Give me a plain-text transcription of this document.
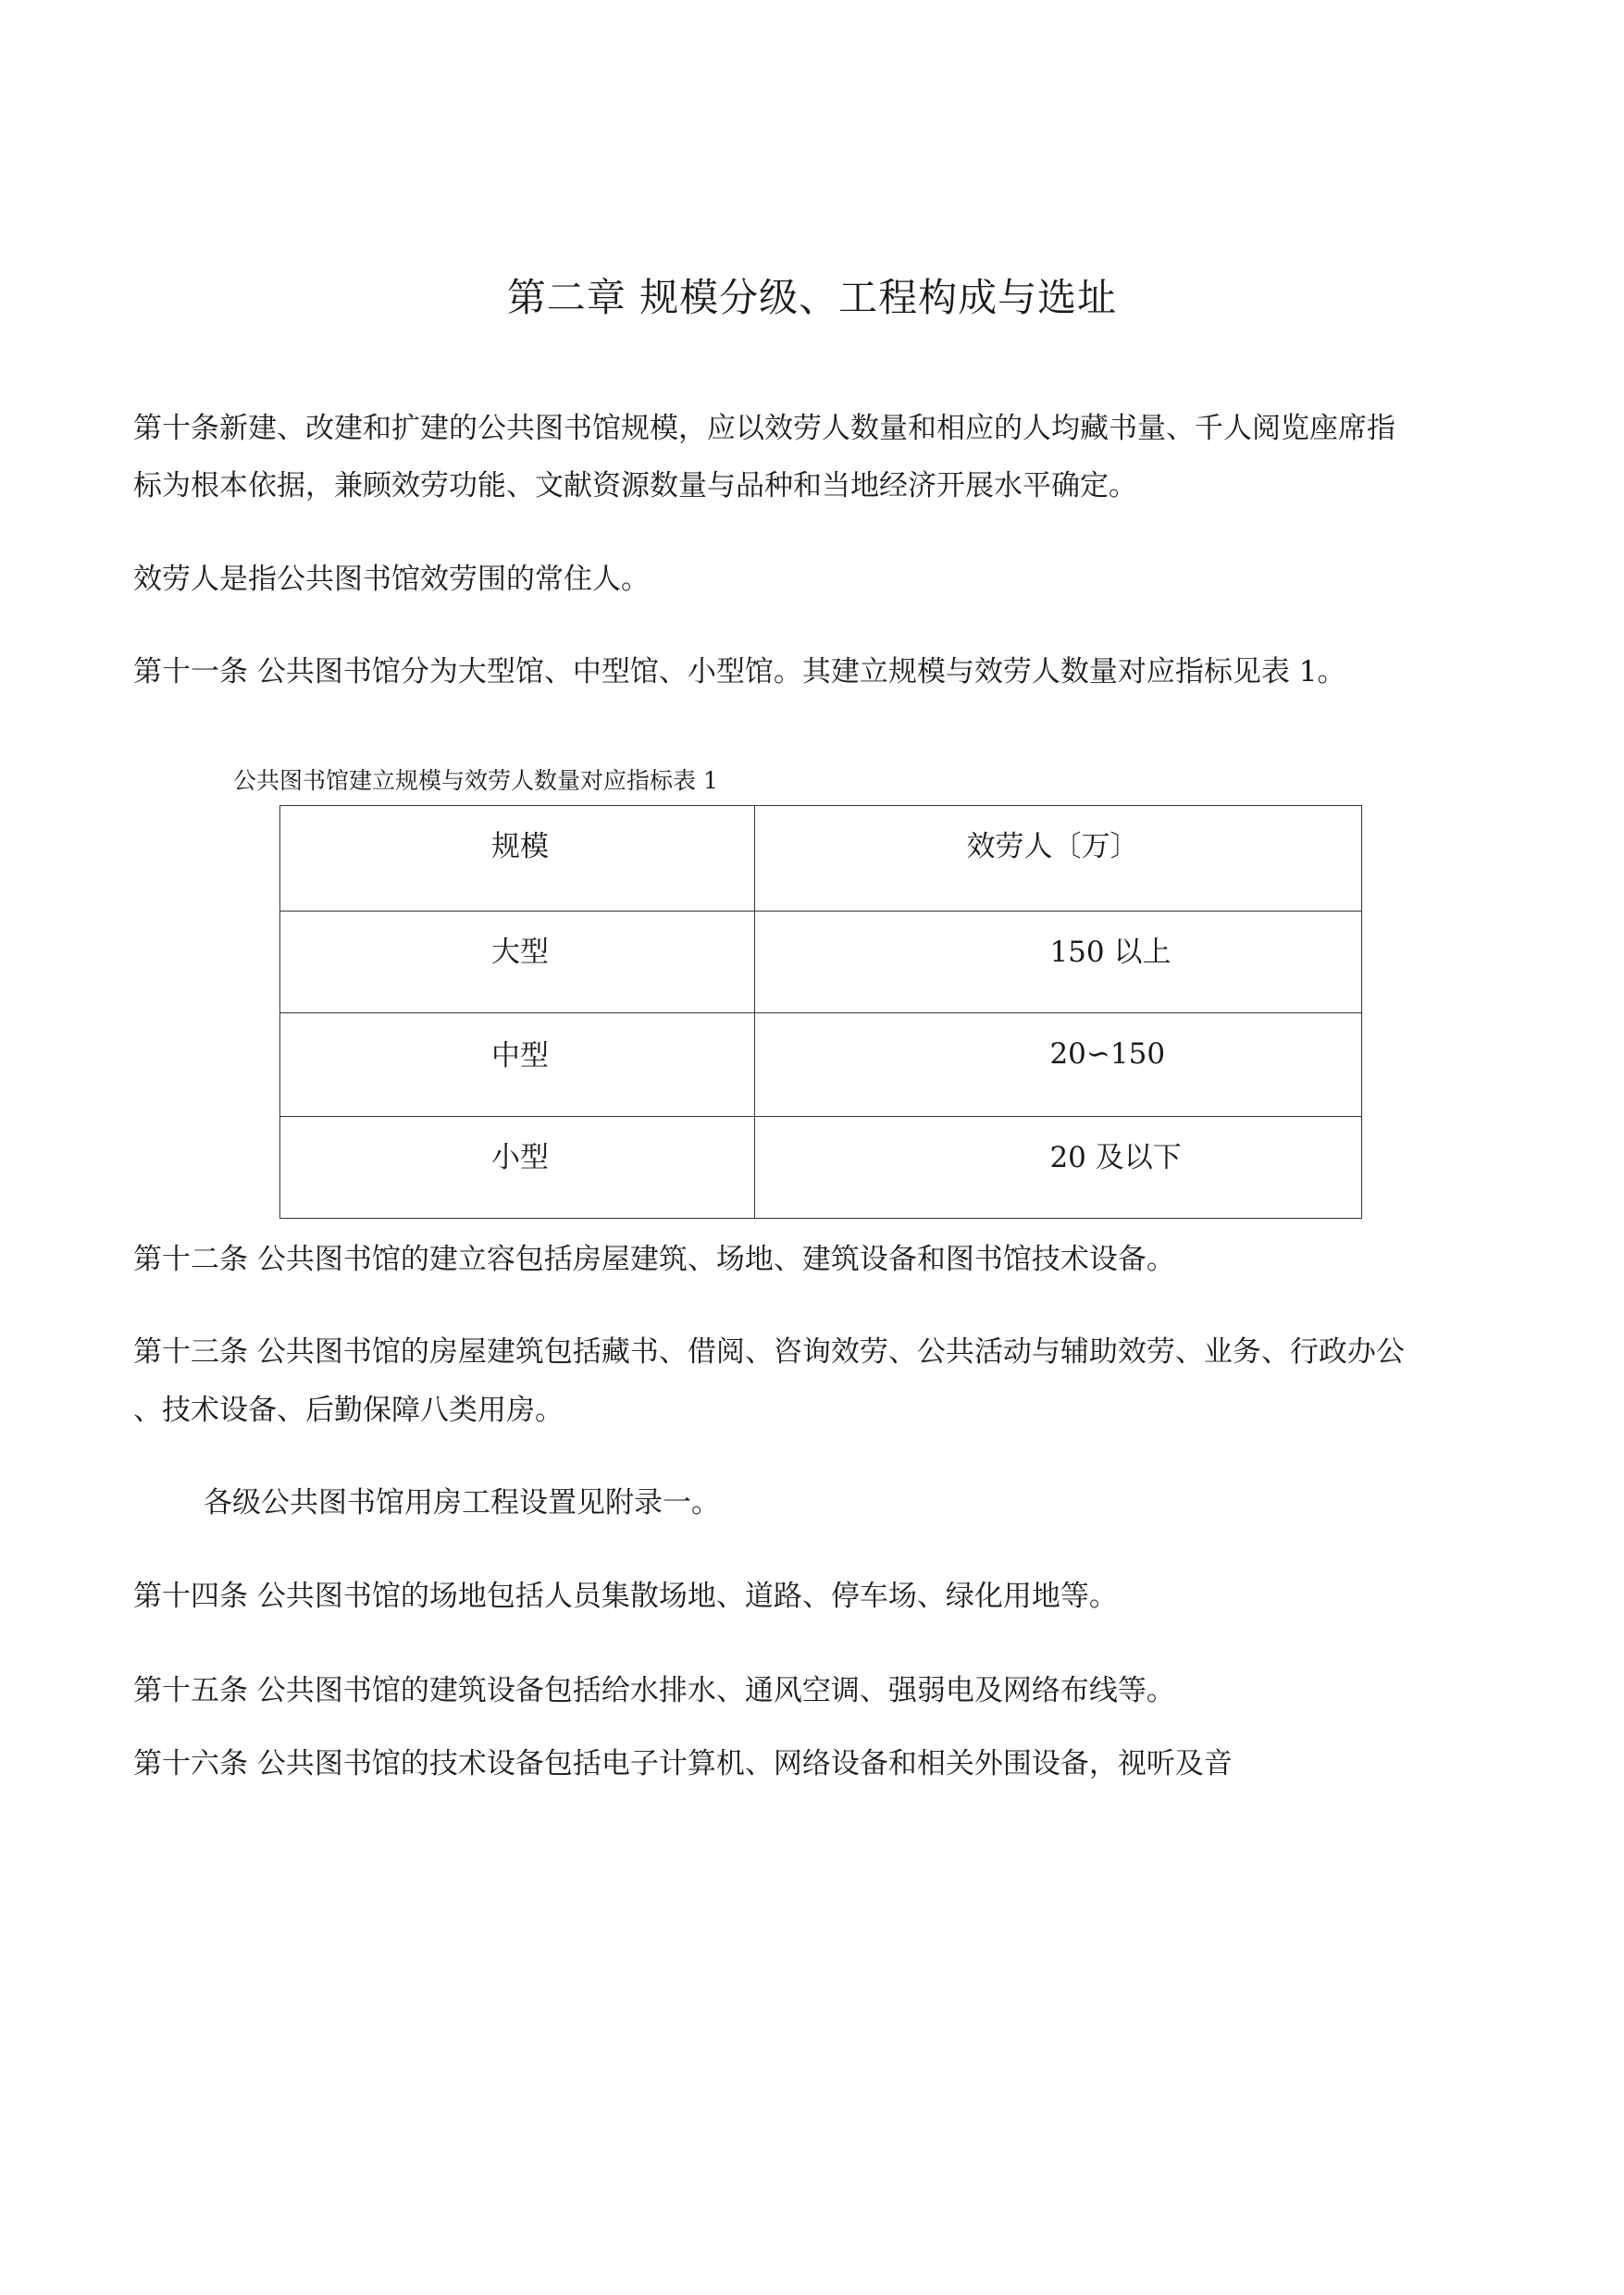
第二章 规模分级、工程构成与选址
第十条新建、改建和扩建的公共图书馆规模，应以效劳人数量和相应的人均藏书量、千人阅览座席指
标为根本依据，兼顾效劳功能、文献资源数量与品种和当地经济开展水平确定。
效劳人是指公共图书馆效劳围的常住人。
第十一条 公共图书馆分为大型馆、中型馆、小型馆。其建立规模与效劳人数量对应指标见表 1。
公共图书馆建立规模与效劳人数量对应指标表 1
规模	效劳人〔万〕
大型	150 以上
中型	20∽150
小型	20 及以下
第十二条 公共图书馆的建立容包括房屋建筑、场地、建筑设备和图书馆技术设备。
第十三条 公共图书馆的房屋建筑包括藏书、借阅、咨询效劳、公共活动与辅助效劳、业务、行政办公
、技术设备、后勤保障八类用房。
各级公共图书馆用房工程设置见附录一。
第十四条 公共图书馆的场地包括人员集散场地、道路、停车场、绿化用地等。
第十五条 公共图书馆的建筑设备包括给水排水、通风空调、强弱电及网络布线等。
第十六条 公共图书馆的技术设备包括电子计算机、网络设备和相关外围设备，视听及音
